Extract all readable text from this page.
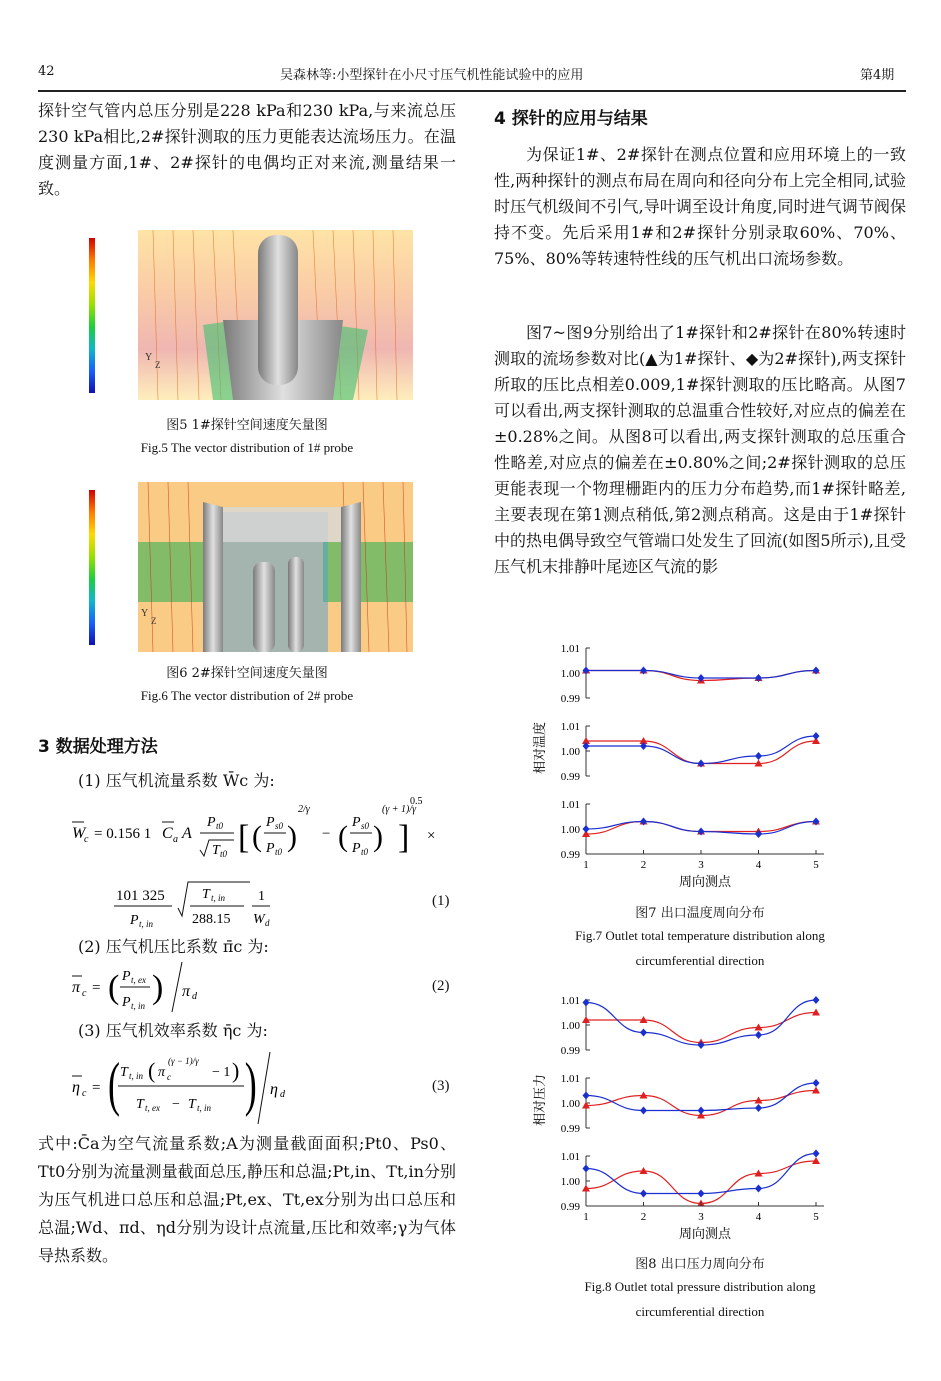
42	吴森林等:小型探针在小尺寸压气机性能试验中的应用	第4期
探针空气管内总压分别是228 kPa和230 kPa,与来流总压230 kPa相比,2#探针测取的压力更能表达流场压力。在温度测量方面,1#、2#探针的电偶均正对来流,测量结果一致。
Y
Z
图5 1#探针空间速度矢量图
Fig.5 The vector distribution of 1# probe
Y
Z
图6 2#探针空间速度矢量图
Fig.6 The vector distribution of 2# probe
3 数据处理方法
(1) 压气机流量系数 W̄c 为:
W
c = 0.156 1 C a A
P t0
T t0 [ ( P s0
P t0 )
2/γ
− ( P s0
P t0 )
(γ + 1)/γ
]
0.5
×
101 325
P t, in
T t, in
288.15
1
W d
(1)
(2) 压气机压比系数 π̄c 为:
π c = ( P t, ex
P t, in ) π d
(2)
(3) 压气机效率系数 η̄c 为:
η c = ( T t, in ( π c
(γ − 1)/γ
− 1 )
T t, ex − T t, in ) η d
(3)
式中:C̄a为空气流量系数;A为测量截面面积;Pt0、Ps0、Tt0分别为流量测量截面总压,静压和总温;Pt,in、Tt,in分别为压气机进口总压和总温;Pt,ex、Tt,ex分别为出口总压和总温;Wd、πd、ηd分别为设计点流量,压比和效率;γ为气体导热系数。
4 探针的应用与结果
为保证1#、2#探针在测点位置和应用环境上的一致性,两种探针的测点布局在周向和径向分布上完全相同,试验时压气机级间不引气,导叶调至设计角度,同时进气调节阀保持不变。先后采用1#和2#探针分别录取60%、70%、75%、80%等转速特性线的压气机出口流场参数。
图7~图9分别给出了1#探针和2#探针在80%转速时测取的流场参数对比(▲为1#探针、◆为2#探针),两支探针所取的压比点相差0.009,1#探针测取的压比略高。从图7可以看出,两支探针测取的总温重合性较好,对应点的偏差在±0.28%之间。从图8可以看出,两支探针测取的总压重合性略差,对应点的偏差在±0.80%之间;2#探针测取的总压更能表现一个物理栅距内的压力分布趋势,而1#探针略差,主要表现在第1测点稍低,第2测点稍高。这是由于1#探针中的热电偶导致空气管端口处发生了回流(如图5所示),且受压气机末排静叶尾迹区气流的影
1.01
1.00
0.99
1.01
1.00
0.99
1.01
1.00
0.99
1	2	3	4	5
周向测点
相对温度
图7 出口温度周向分布
Fig.7 Outlet total temperature distribution along
circumferential direction
1.01
1.00
0.99
1.01
1.00
0.99
1.01
1.00
0.99
1	2	3	4	5
周向测点
相对压力
图8 出口压力周向分布
Fig.8 Outlet total pressure distribution along
circumferential direction
